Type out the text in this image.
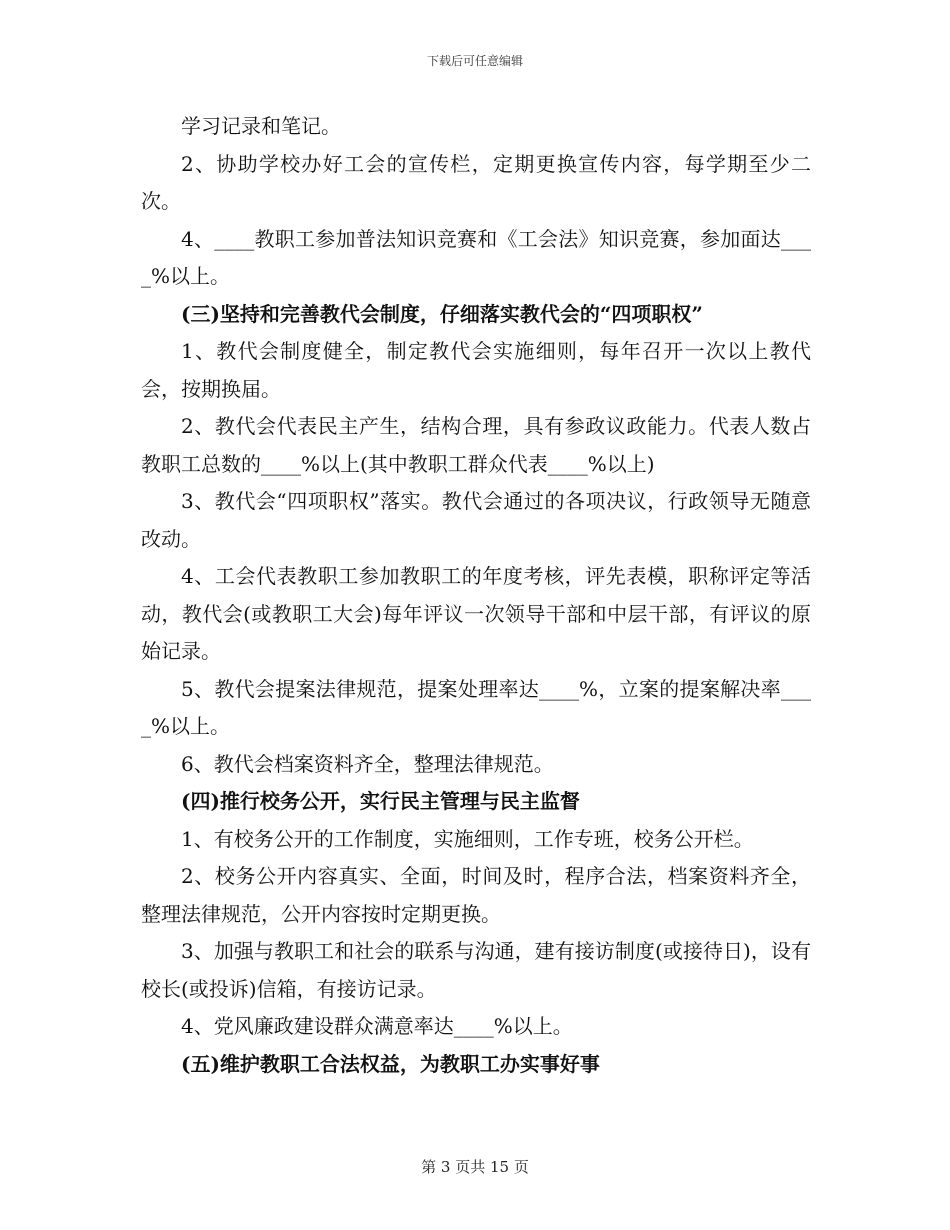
下载后可任意编辑

学习记录和笔记。

2、协助学校办好工会的宣传栏，定期更换宣传内容，每学期至少二次。

4、____教职工参加普法知识竞赛和《工会法》知识竞赛，参加面达____%以上。

(三)坚持和完善教代会制度，仔细落实教代会的“四项职权”

1、教代会制度健全，制定教代会实施细则，每年召开一次以上教代会，按期换届。

2、教代会代表民主产生，结构合理，具有参政议政能力。代表人数占教职工总数的____%以上(其中教职工群众代表____%以上)

3、教代会“四项职权”落实。教代会通过的各项决议，行政领导无随意改动。

4、工会代表教职工参加教职工的年度考核，评先表模，职称评定等活动，教代会(或教职工大会)每年评议一次领导干部和中层干部，有评议的原始记录。

5、教代会提案法律规范，提案处理率达____%，立案的提案解决率____%以上。

6、教代会档案资料齐全，整理法律规范。

(四)推行校务公开，实行民主管理与民主监督

1、有校务公开的工作制度，实施细则，工作专班，校务公开栏。

2、校务公开内容真实、全面，时间及时，程序合法，档案资料齐全，整理法律规范，公开内容按时定期更换。

3、加强与教职工和社会的联系与沟通，建有接访制度(或接待日)，设有校长(或投诉)信箱，有接访记录。

4、党风廉政建设群众满意率达____%以上。

(五)维护教职工合法权益，为教职工办实事好事

第 3 页共 15 页
